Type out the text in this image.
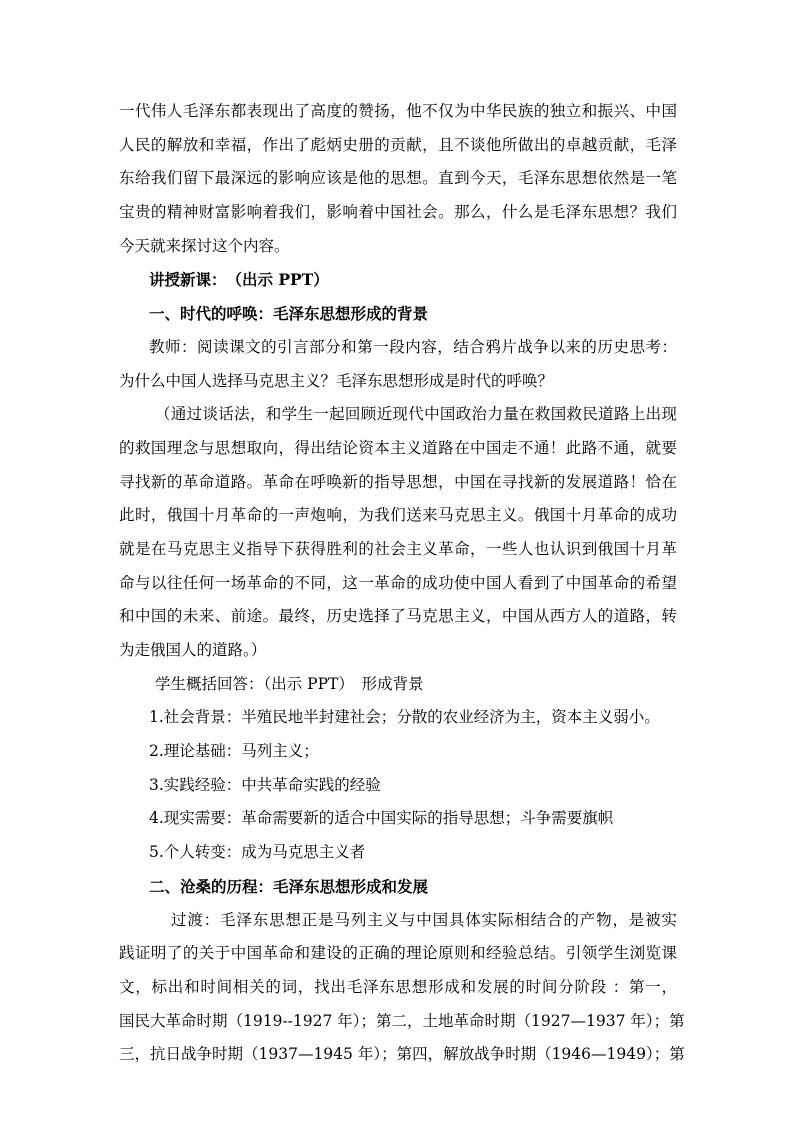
一代伟人毛泽东都表现出了高度的赞扬，他不仅为中华民族的独立和振兴、中国
人民的解放和幸福，作出了彪炳史册的贡献，且不谈他所做出的卓越贡献，毛泽
东给我们留下最深远的影响应该是他的思想。直到今天，毛泽东思想依然是一笔
宝贵的精神财富影响着我们，影响着中国社会。那么，什么是毛泽东思想？我们
今天就来探讨这个内容。
讲授新课：　（出示 PPT）
一、时代的呼唤：毛泽东思想形成的背景
教师：阅读课文的引言部分和第一段内容，结合鸦片战争以来的历史思考：
为什么中国人选择马克思主义？毛泽东思想形成是时代的呼唤？
（通过谈话法，和学生一起回顾近现代中国政治力量在救国救民道路上出现
的救国理念与思想取向，得出结论资本主义道路在中国走不通！此路不通，就要
寻找新的革命道路。革命在呼唤新的指导思想，中国在寻找新的发展道路！恰在
此时，俄国十月革命的一声炮响，为我们送来马克思主义。俄国十月革命的成功
就是在马克思主义指导下获得胜利的社会主义革命，一些人也认识到俄国十月革
命与以往任何一场革命的不同，这一革命的成功使中国人看到了中国革命的希望
和中国的未来、前途。最终，历史选择了马克思主义，中国从西方人的道路，转
为走俄国人的道路。）
学生概括回答：（出示 PPT）　形成背景
1.社会背景：半殖民地半封建社会；分散的农业经济为主，资本主义弱小。
2.理论基础：马列主义；
3.实践经验：中共革命实践的经验
4.现实需要：革命需要新的适合中国实际的指导思想；斗争需要旗帜
5.个人转变：成为马克思主义者
二、沧桑的历程：毛泽东思想形成和发展
过渡：毛泽东思想正是马列主义与中国具体实际相结合的产物，是被实
践证明了的关于中国革命和建设的正确的理论原则和经验总结。引领学生浏览课
文，标出和时间相关的词，找出毛泽东思想形成和发展的时间分阶段 ：第一，
国民大革命时期（1919--1927 年）；第二，土地革命时期（1927—1937 年）；第
三，抗日战争时期（1937—1945 年）；第四，解放战争时期（1946—1949）；第
